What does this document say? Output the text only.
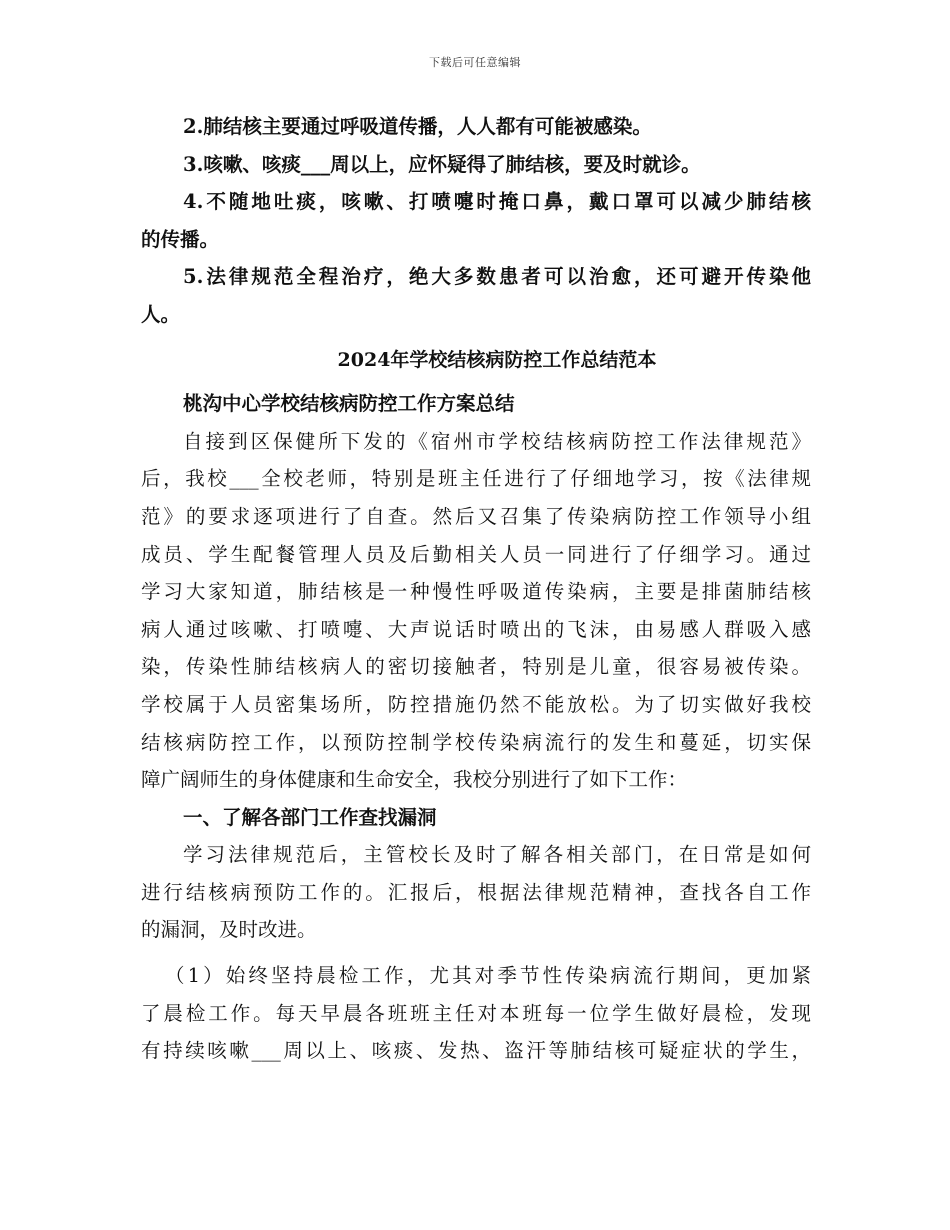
下载后可任意编辑
2.肺结核主要通过呼吸道传播，人人都有可能被感染。
3.咳嗽、咳痰___周以上，应怀疑得了肺结核，要及时就诊。
4.不随地吐痰，咳嗽、打喷嚏时掩口鼻，戴口罩可以减少肺结核
的传播。
5.法律规范全程治疗，绝大多数患者可以治愈，还可避开传染他
人。
2024年学校结核病防控工作总结范本
桃沟中心学校结核病防控工作方案总结
自接到区保健所下发的《宿州市学校结核病防控工作法律规范》
后，我校___全校老师，特别是班主任进行了仔细地学习，按《法律规
范》的要求逐项进行了自查。然后又召集了传染病防控工作领导小组
成员、学生配餐管理人员及后勤相关人员一同进行了仔细学习。通过
学习大家知道，肺结核是一种慢性呼吸道传染病，主要是排菌肺结核
病人通过咳嗽、打喷嚏、大声说话时喷出的飞沫，由易感人群吸入感
染，传染性肺结核病人的密切接触者，特别是儿童，很容易被传染。
学校属于人员密集场所，防控措施仍然不能放松。为了切实做好我校
结核病防控工作，以预防控制学校传染病流行的发生和蔓延，切实保
障广阔师生的身体健康和生命安全，我校分别进行了如下工作：
一、了解各部门工作查找漏洞
学习法律规范后，主管校长及时了解各相关部门，在日常是如何
进行结核病预防工作的。汇报后，根据法律规范精神，查找各自工作
的漏洞，及时改进。
（1）始终坚持晨检工作，尤其对季节性传染病流行期间，更加紧
了晨检工作。每天早晨各班班主任对本班每一位学生做好晨检，发现
有持续咳嗽___周以上、咳痰、发热、盗汗等肺结核可疑症状的学生，
